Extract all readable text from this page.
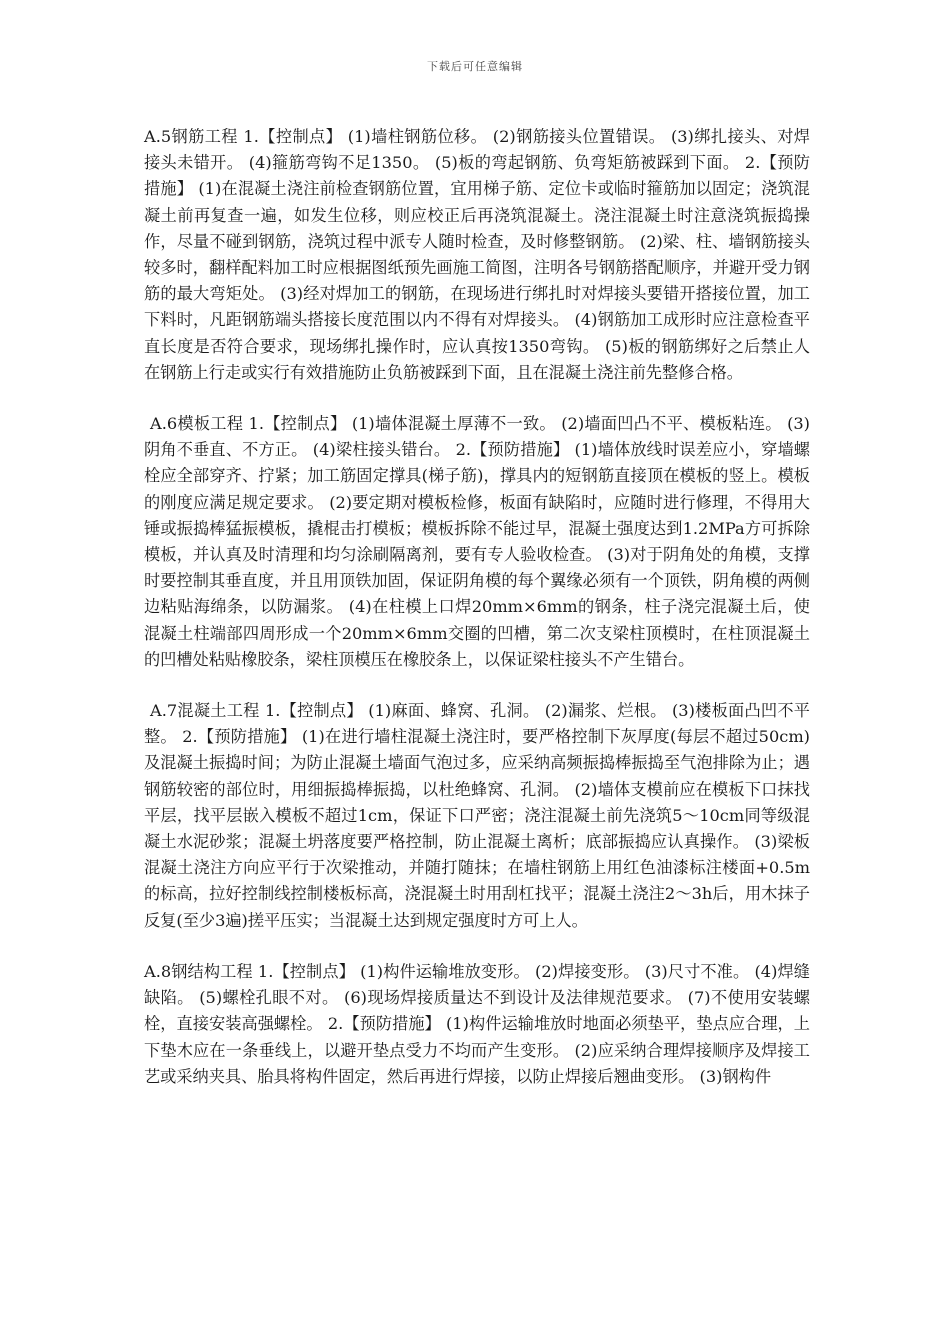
下载后可任意编辑

A.5钢筋工程 1.【控制点】 (1)墙柱钢筋位移。 (2)钢筋接头位置错误。 (3)绑扎接头、对焊接头未错开。 (4)箍筋弯钩不足1350。 (5)板的弯起钢筋、负弯矩筋被踩到下面。 2.【预防措施】 (1)在混凝土浇注前检查钢筋位置，宜用梯子筋、定位卡或临时箍筋加以固定；浇筑混凝土前再复查一遍，如发生位移，则应校正后再浇筑混凝土。浇注混凝土时注意浇筑振捣操作，尽量不碰到钢筋，浇筑过程中派专人随时检查，及时修整钢筋。 (2)梁、柱、墙钢筋接头较多时，翻样配料加工时应根据图纸预先画施工简图，注明各号钢筋搭配顺序，并避开受力钢筋的最大弯矩处。 (3)经对焊加工的钢筋，在现场进行绑扎时对焊接头要错开搭接位置，加工下料时，凡距钢筋端头搭接长度范围以内不得有对焊接头。 (4)钢筋加工成形时应注意检查平直长度是否符合要求，现场绑扎操作时，应认真按1350弯钩。 (5)板的钢筋绑好之后禁止人在钢筋上行走或实行有效措施防止负筋被踩到下面，且在混凝土浇注前先整修合格。

A.6模板工程 1.【控制点】 (1)墙体混凝土厚薄不一致。 (2)墙面凹凸不平、模板粘连。 (3)阴角不垂直、不方正。 (4)梁柱接头错台。 2.【预防措施】 (1)墙体放线时误差应小，穿墙螺栓应全部穿齐、拧紧；加工筋固定撑具(梯子筋)，撑具内的短钢筋直接顶在模板的竖上。模板的刚度应满足规定要求。 (2)要定期对模板检修，板面有缺陷时，应随时进行修理，不得用大锤或振捣棒猛振模板，撬棍击打模板；模板拆除不能过早，混凝土强度达到1.2MPa方可拆除模板，并认真及时清理和均匀涂刷隔离剂，要有专人验收检查。 (3)对于阴角处的角模，支撑时要控制其垂直度，并且用顶铁加固，保证阴角模的每个翼缘必须有一个顶铁，阴角模的两侧边粘贴海绵条，以防漏浆。 (4)在柱模上口焊20mm×6mm的钢条，柱子浇完混凝土后，使混凝土柱端部四周形成一个20mm×6mm交圈的凹槽，第二次支梁柱顶模时，在柱顶混凝土的凹槽处粘贴橡胶条，梁柱顶模压在橡胶条上，以保证梁柱接头不产生错台。

A.7混凝土工程 1.【控制点】 (1)麻面、蜂窝、孔洞。 (2)漏浆、烂根。 (3)楼板面凸凹不平整。 2.【预防措施】 (1)在进行墙柱混凝土浇注时，要严格控制下灰厚度(每层不超过50cm)及混凝土振捣时间；为防止混凝土墙面气泡过多，应采纳高频振捣棒振捣至气泡排除为止；遇钢筋较密的部位时，用细振捣棒振捣，以杜绝蜂窝、孔洞。 (2)墙体支模前应在模板下口抹找平层，找平层嵌入模板不超过1cm，保证下口严密；浇注混凝土前先浇筑5～10cm同等级混凝土水泥砂浆；混凝土坍落度要严格控制，防止混凝土离析；底部振捣应认真操作。 (3)梁板混凝土浇注方向应平行于次梁推动，并随打随抹；在墙柱钢筋上用红色油漆标注楼面+0.5m的标高，拉好控制线控制楼板标高，浇混凝土时用刮杠找平；混凝土浇注2～3h后，用木抹子反复(至少3遍)搓平压实；当混凝土达到规定强度时方可上人。

A.8钢结构工程 1.【控制点】 (1)构件运输堆放变形。 (2)焊接变形。 (3)尺寸不准。 (4)焊缝缺陷。 (5)螺栓孔眼不对。 (6)现场焊接质量达不到设计及法律规范要求。 (7)不使用安装螺栓，直接安装高强螺栓。 2.【预防措施】 (1)构件运输堆放时地面必须垫平，垫点应合理，上下垫木应在一条垂线上，以避开垫点受力不均而产生变形。 (2)应采纳合理焊接顺序及焊接工艺或采纳夹具、胎具将构件固定，然后再进行焊接，以防止焊接后翘曲变形。 (3)钢构件
